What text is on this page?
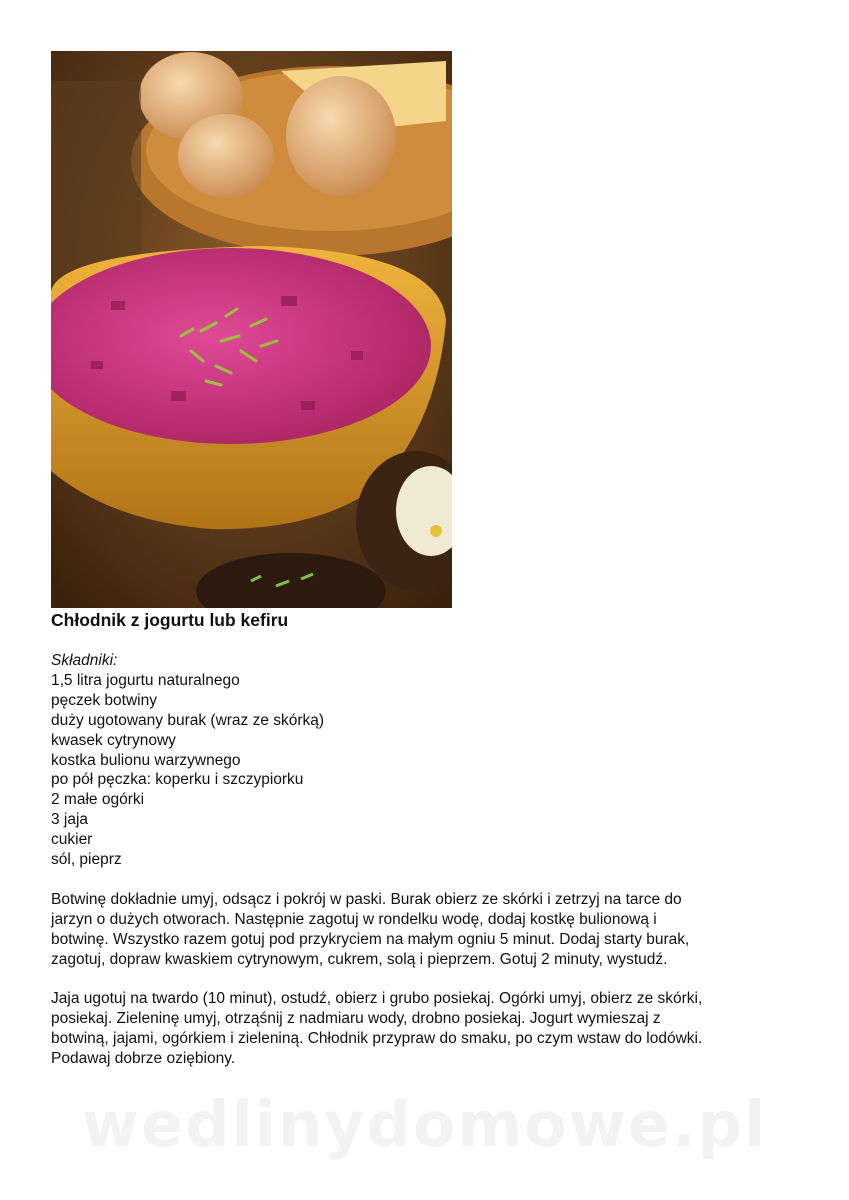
Chłodnik z jogurtu lub kefiru
Składniki:
1,5 litra jogurtu naturalnego
pęczek botwiny
duży ugotowany burak (wraz ze skórką)
kwasek cytrynowy
kostka bulionu warzywnego
po pół pęczka: koperku i szczypiorku
2 małe ogórki
3 jaja
cukier
sól, pieprz
Botwinę dokładnie umyj, odsącz i pokrój w paski. Burak obierz ze skórki i zetrzyj na tarce do
jarzyn o dużych otworach. Następnie zagotuj w rondelku wodę, dodaj kostkę bulionową i
botwinę. Wszystko razem gotuj pod przykryciem na małym ogniu 5 minut. Dodaj starty burak,
zagotuj, dopraw kwaskiem cytrynowym, cukrem, solą i pieprzem. Gotuj 2 minuty, wystudź.
Jaja ugotuj na twardo (10 minut), ostudź, obierz i grubo posiekaj. Ogórki umyj, obierz ze skórki,
posiekaj. Zieleninę umyj, otrząśnij z nadmiaru wody, drobno posiekaj. Jogurt wymieszaj z
botwiną, jajami, ogórkiem i zieleniną. Chłodnik przypraw do smaku, po czym wstaw do lodówki.
Podawaj dobrze oziębiony.
wedlinydomowe.pl
